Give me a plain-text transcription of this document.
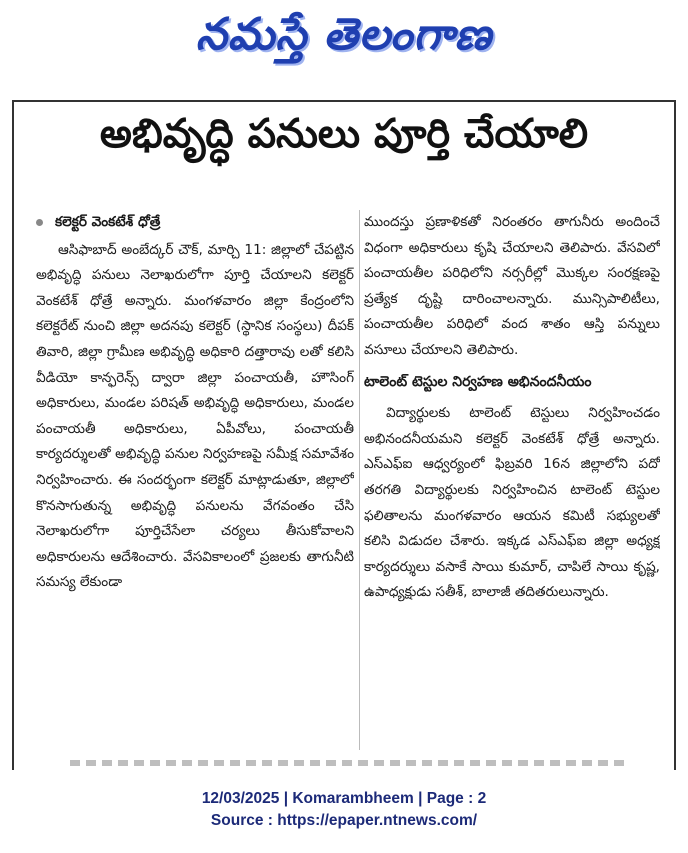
నమస్తే తెలంగాణ
అభివృద్ధి పనులు పూర్తి చేయాలి
కలెక్టర్ వెంకటేశ్ ధోత్రే

ఆసిఫాబాద్ అంబేద్కర్ చౌక్, మార్చి 11: జిల్లాలో చేపట్టిన అభివృద్ధి పనులు నెలాఖరులోగా పూర్తి చేయాలని కలెక్టర్ వెంకటేశ్ ధోత్రే అన్నారు. మంగళవారం జిల్లా కేంద్రంలోని కలెక్టరేట్ నుంచి జిల్లా అదనపు కలెక్టర్ (స్థానిక సంస్థలు) దీపక్ తివారి, జిల్లా గ్రామీణ అభివృద్ధి అధికారి దత్తారావు లతో కలిసి వీడియో కాన్ఫరెన్స్ ద్వారా జిల్లా పంచాయతీ, హౌసింగ్ అధికారులు, మండల పరిషత్ అభివృద్ధి అధికారులు, మండల పంచాయతీ అధికారులు, ఏపీవోలు, పంచాయతీ కార్యదర్శులతో అభివృద్ధి పనుల నిర్వహణపై సమీక్ష సమావేశం నిర్వహించారు. ఈ సందర్భంగా కలెక్టర్ మాట్లాడుతూ, జిల్లాలో కొనసాగుతున్న అభివృద్ధి పనులను వేగవంతం చేసి నెలాఖరులోగా పూర్తిచేసేలా చర్యలు తీసుకోవాలని అధికారులను ఆదేశించారు. వేసవికాలంలో ప్రజలకు తాగునీటి సమస్య లేకుండా

ముందస్తు ప్రణాళికతో నిరంతరం తాగునీరు అందించే విధంగా అధికారులు కృషి చేయాలని తెలిపారు. వేసవిలో పంచాయతీల పరిధిలోని నర్సరీల్లో మొక్కల సంరక్షణపై ప్రత్యేక దృష్టి దారించాలన్నారు. మున్సిపాలిటీలు, పంచాయతీల పరిధిలో వంద శాతం ఆస్తి పన్నులు వసూలు చేయాలని తెలిపారు.

టాలెంట్ టెస్టుల నిర్వహణ అభినందనీయం

విద్యార్థులకు టాలెంట్ టెస్టులు నిర్వహించడం అభినందనీయమని కలెక్టర్ వెంకటేశ్ ధోత్రే అన్నారు. ఎస్ఎఫ్ఐ ఆధ్వర్యంలో ఫిబ్రవరి 16న జిల్లాలోని పదో తరగతి విద్యార్థులకు నిర్వహించిన టాలెంట్ టెస్టుల ఫలితాలను మంగళవారం ఆయన కమిటీ సభ్యులతో కలిసి విడుదల చేశారు. ఇక్కడ ఎస్ఎఫ్ఐ జిల్లా అధ్యక్ష కార్యదర్శులు వసాకే సాయి కుమార్, చాపిలే సాయి కృష్ణ, ఉపాధ్యక్షుడు సతీశ్, బాలాజీ తదితరులున్నారు.

12/03/2025 | Komarambheem | Page : 2
Source : https://epaper.ntnews.com/
